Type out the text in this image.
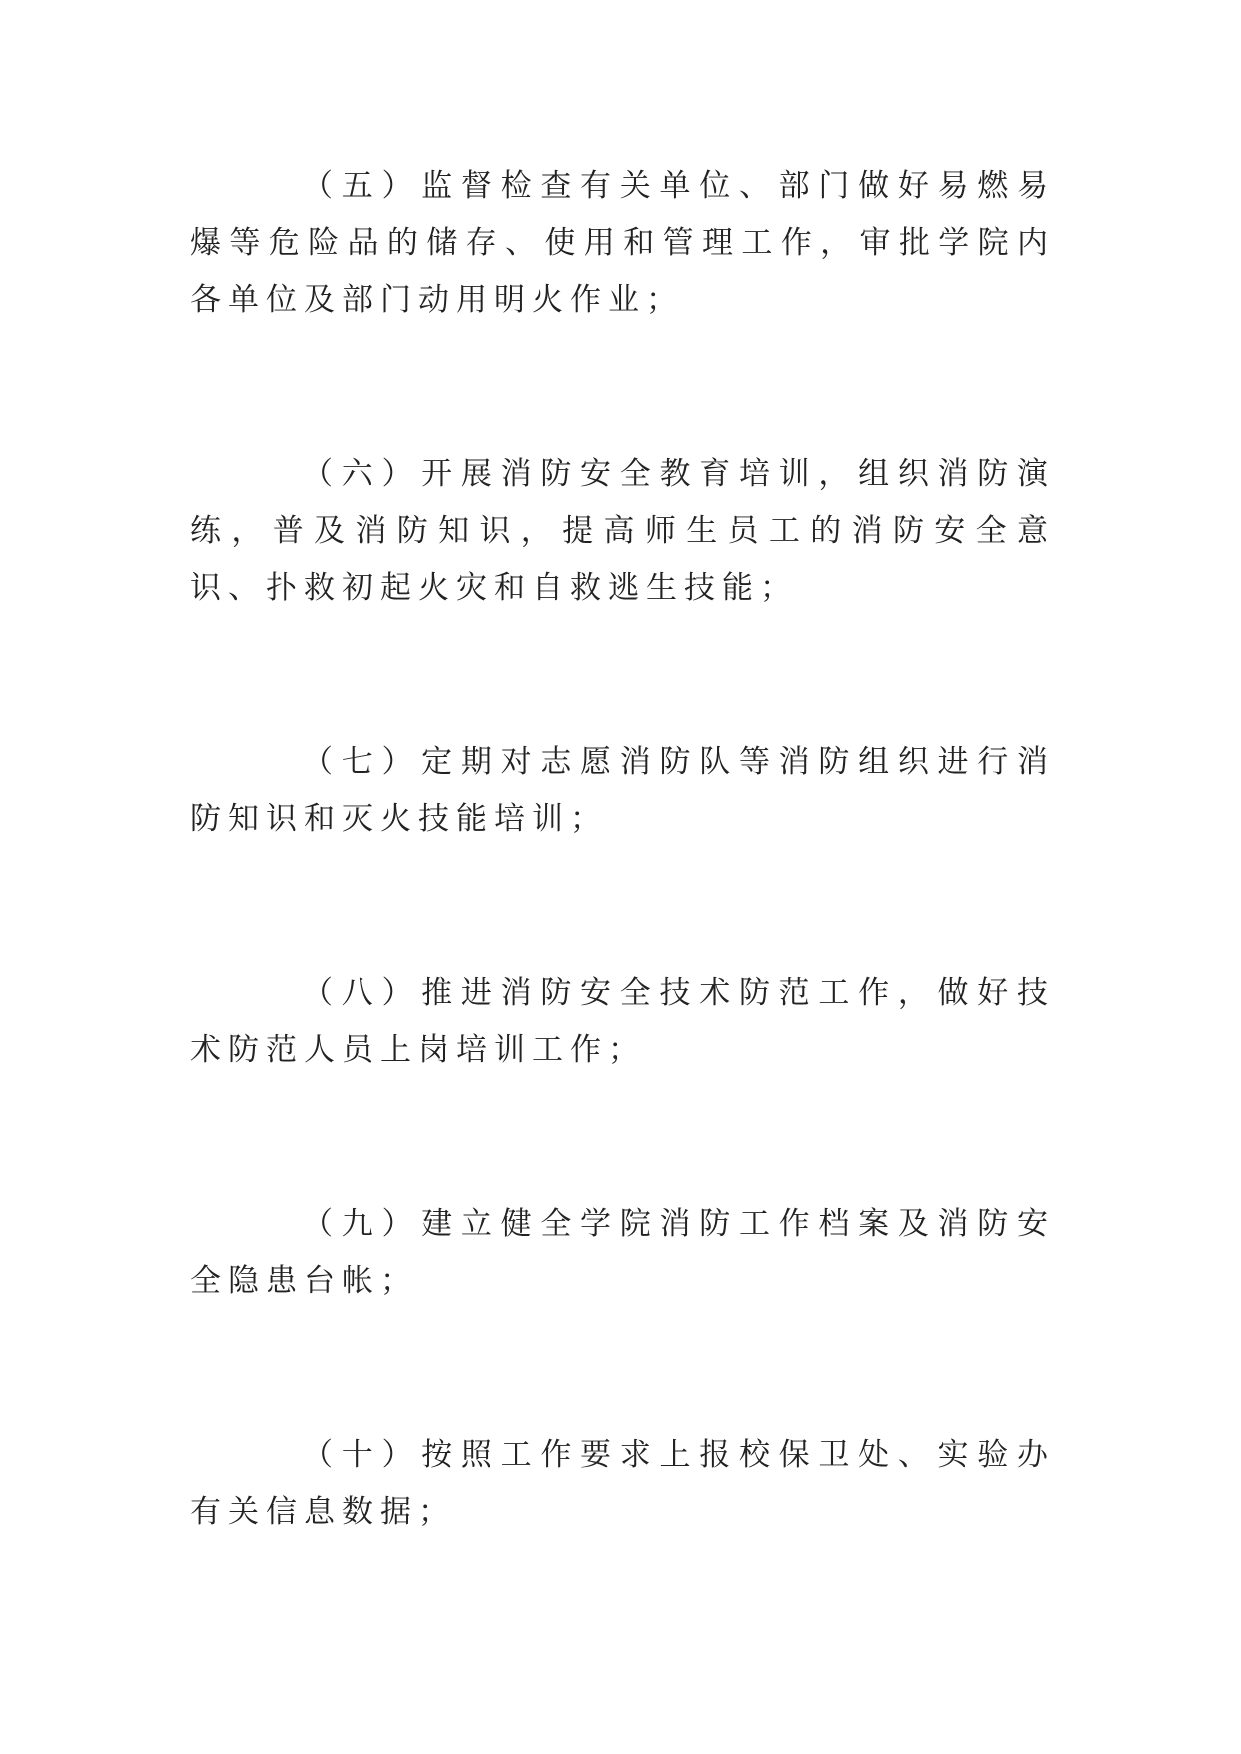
（五）监督检查有关单位、部门做好易燃易爆等危险品的储存、使用和管理工作，审批学院内各单位及部门动用明火作业；

（六）开展消防安全教育培训，组织消防演练，普及消防知识，提高师生员工的消防安全意识、扑救初起火灾和自救逃生技能；

（七）定期对志愿消防队等消防组织进行消防知识和灭火技能培训；

（八）推进消防安全技术防范工作，做好技术防范人员上岗培训工作；

（九）建立健全学院消防工作档案及消防安全隐患台帐；

（十）按照工作要求上报校保卫处、实验办有关信息数据；
